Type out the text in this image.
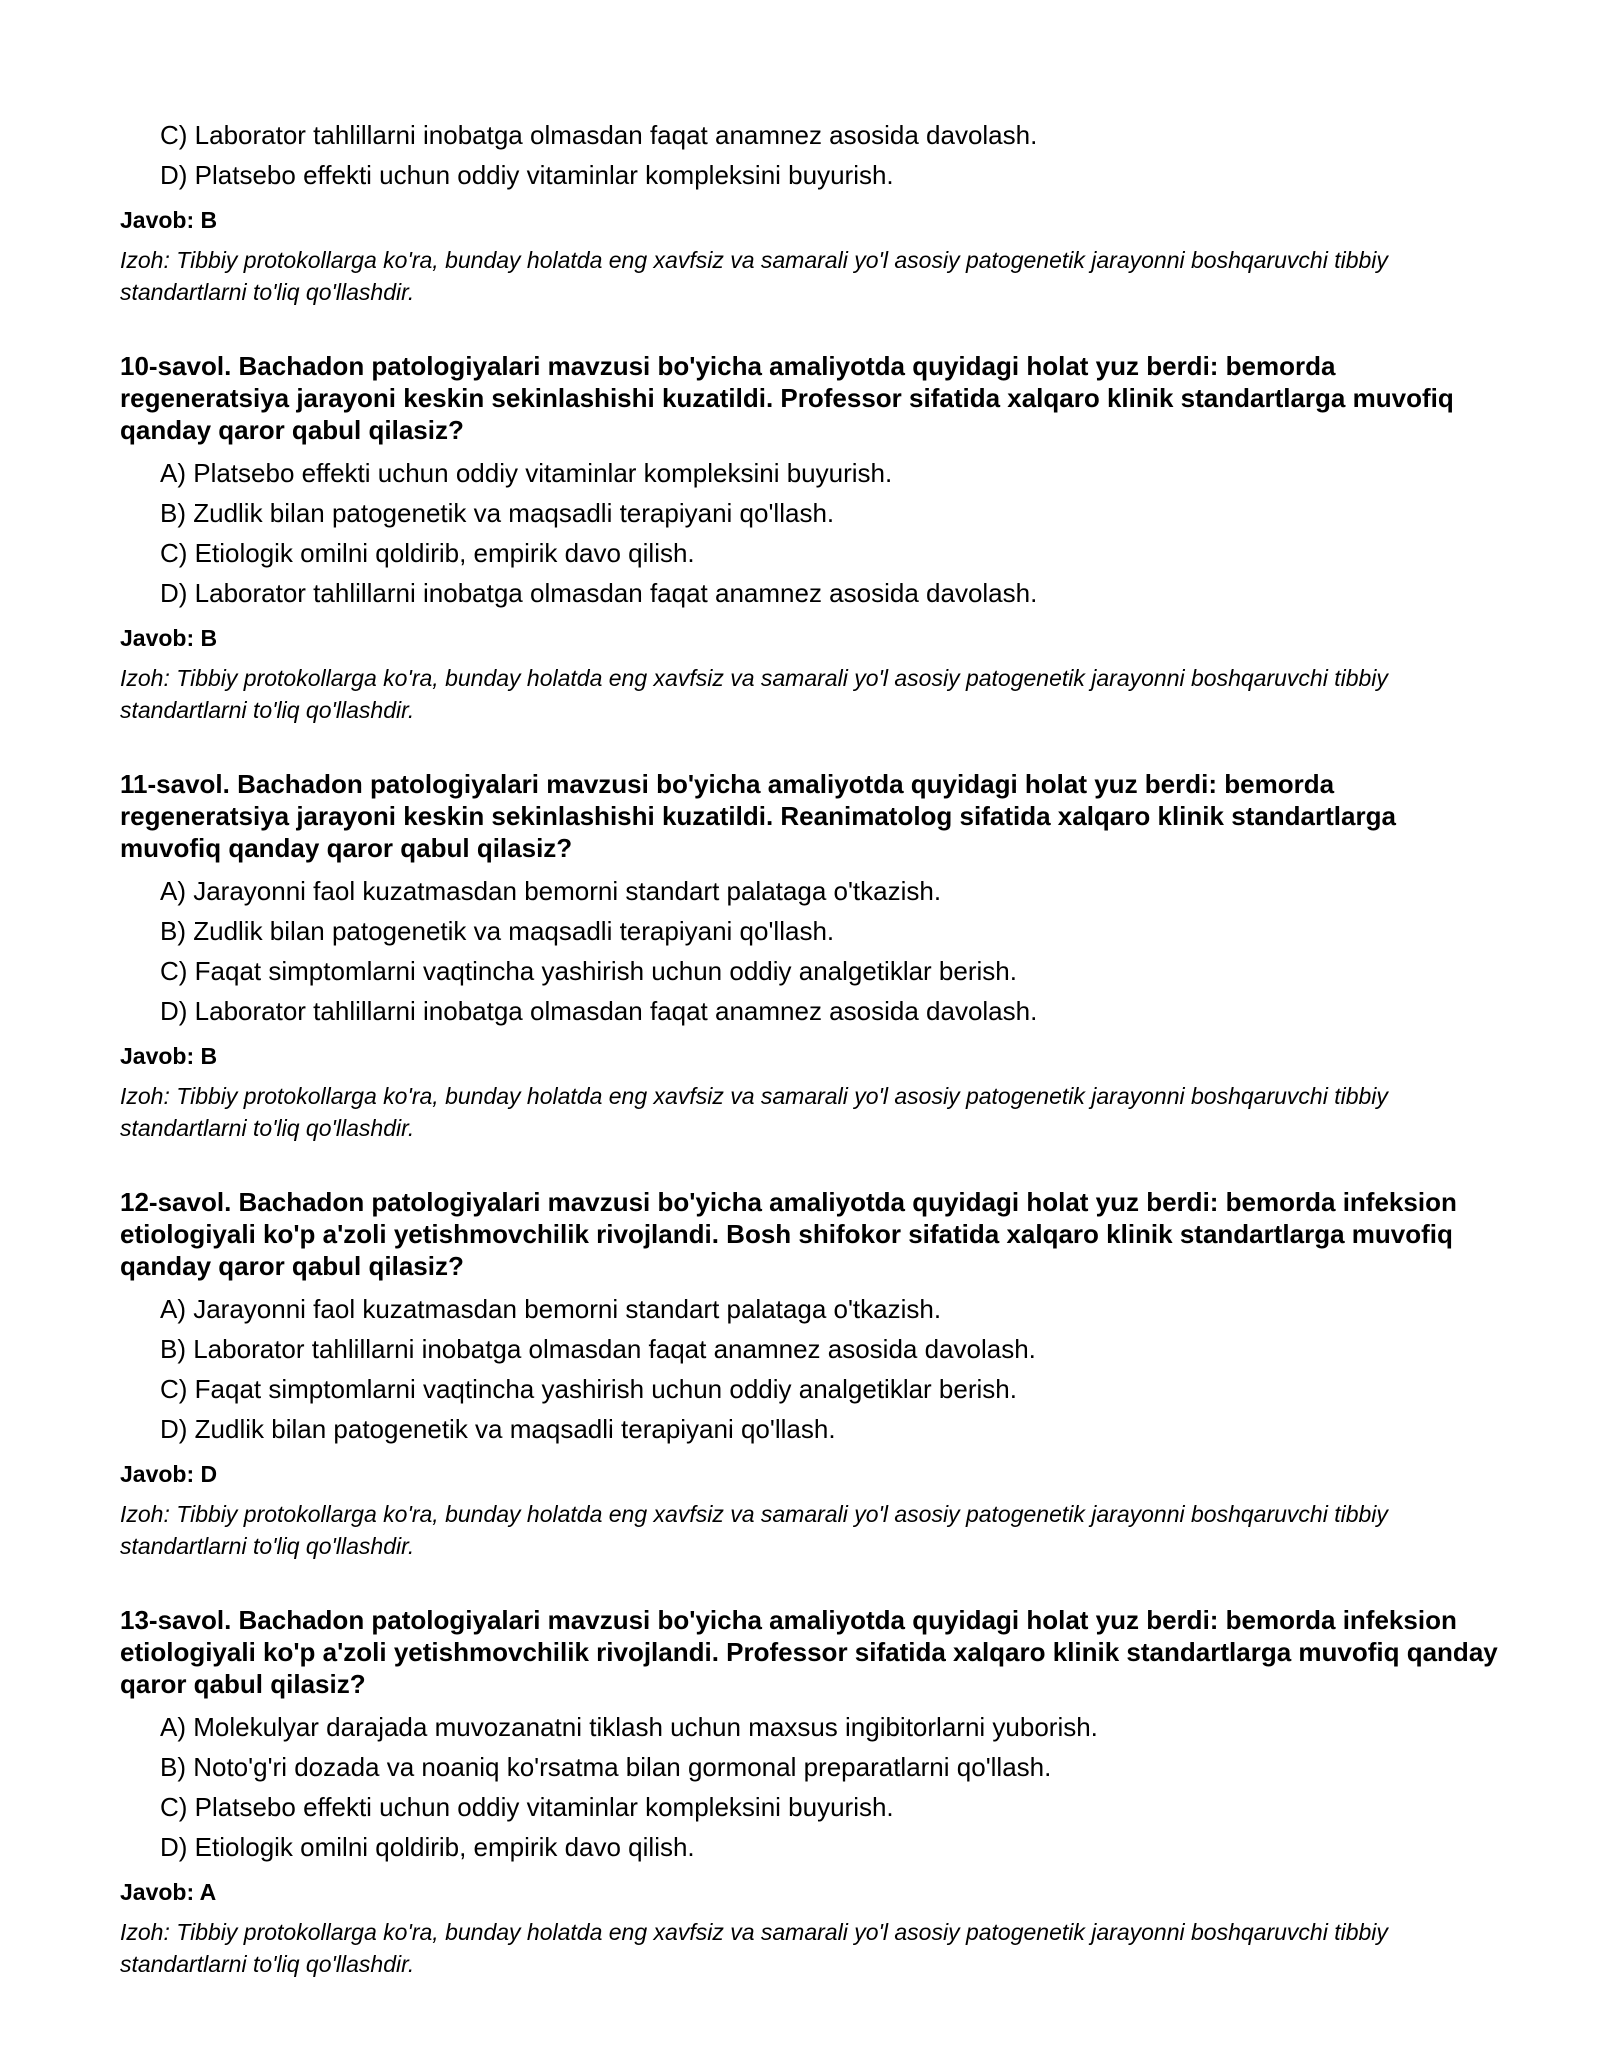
C) Laborator tahlillarni inobatga olmasdan faqat anamnez asosida davolash.
D) Platsebo effekti uchun oddiy vitaminlar kompleksini buyurish.
Javob: B
Izoh: Tibbiy protokollarga ko'ra, bunday holatda eng xavfsiz va samarali yo'l asosiy patogenetik jarayonni boshqaruvchi tibbiy standartlarni to'liq qo'llashdir.
10-savol. Bachadon patologiyalari mavzusi bo'yicha amaliyotda quyidagi holat yuz berdi: bemorda regeneratsiya jarayoni keskin sekinlashishi kuzatildi. Professor sifatida xalqaro klinik standartlarga muvofiq qanday qaror qabul qilasiz?
A) Platsebo effekti uchun oddiy vitaminlar kompleksini buyurish.
B) Zudlik bilan patogenetik va maqsadli terapiyani qo'llash.
C) Etiologik omilni qoldirib, empirik davo qilish.
D) Laborator tahlillarni inobatga olmasdan faqat anamnez asosida davolash.
Javob: B
Izoh: Tibbiy protokollarga ko'ra, bunday holatda eng xavfsiz va samarali yo'l asosiy patogenetik jarayonni boshqaruvchi tibbiy standartlarni to'liq qo'llashdir.
11-savol. Bachadon patologiyalari mavzusi bo'yicha amaliyotda quyidagi holat yuz berdi: bemorda regeneratsiya jarayoni keskin sekinlashishi kuzatildi. Reanimatolog sifatida xalqaro klinik standartlarga muvofiq qanday qaror qabul qilasiz?
A) Jarayonni faol kuzatmasdan bemorni standart palataga o'tkazish.
B) Zudlik bilan patogenetik va maqsadli terapiyani qo'llash.
C) Faqat simptomlarni vaqtincha yashirish uchun oddiy analgetiklar berish.
D) Laborator tahlillarni inobatga olmasdan faqat anamnez asosida davolash.
Javob: B
Izoh: Tibbiy protokollarga ko'ra, bunday holatda eng xavfsiz va samarali yo'l asosiy patogenetik jarayonni boshqaruvchi tibbiy standartlarni to'liq qo'llashdir.
12-savol. Bachadon patologiyalari mavzusi bo'yicha amaliyotda quyidagi holat yuz berdi: bemorda infeksion etiologiyali ko'p a'zoli yetishmovchilik rivojlandi. Bosh shifokor sifatida xalqaro klinik standartlarga muvofiq qanday qaror qabul qilasiz?
A) Jarayonni faol kuzatmasdan bemorni standart palataga o'tkazish.
B) Laborator tahlillarni inobatga olmasdan faqat anamnez asosida davolash.
C) Faqat simptomlarni vaqtincha yashirish uchun oddiy analgetiklar berish.
D) Zudlik bilan patogenetik va maqsadli terapiyani qo'llash.
Javob: D
Izoh: Tibbiy protokollarga ko'ra, bunday holatda eng xavfsiz va samarali yo'l asosiy patogenetik jarayonni boshqaruvchi tibbiy standartlarni to'liq qo'llashdir.
13-savol. Bachadon patologiyalari mavzusi bo'yicha amaliyotda quyidagi holat yuz berdi: bemorda infeksion etiologiyali ko'p a'zoli yetishmovchilik rivojlandi. Professor sifatida xalqaro klinik standartlarga muvofiq qanday qaror qabul qilasiz?
A) Molekulyar darajada muvozanatni tiklash uchun maxsus ingibitorlarni yuborish.
B) Noto'g'ri dozada va noaniq ko'rsatma bilan gormonal preparatlarni qo'llash.
C) Platsebo effekti uchun oddiy vitaminlar kompleksini buyurish.
D) Etiologik omilni qoldirib, empirik davo qilish.
Javob: A
Izoh: Tibbiy protokollarga ko'ra, bunday holatda eng xavfsiz va samarali yo'l asosiy patogenetik jarayonni boshqaruvchi tibbiy standartlarni to'liq qo'llashdir.
